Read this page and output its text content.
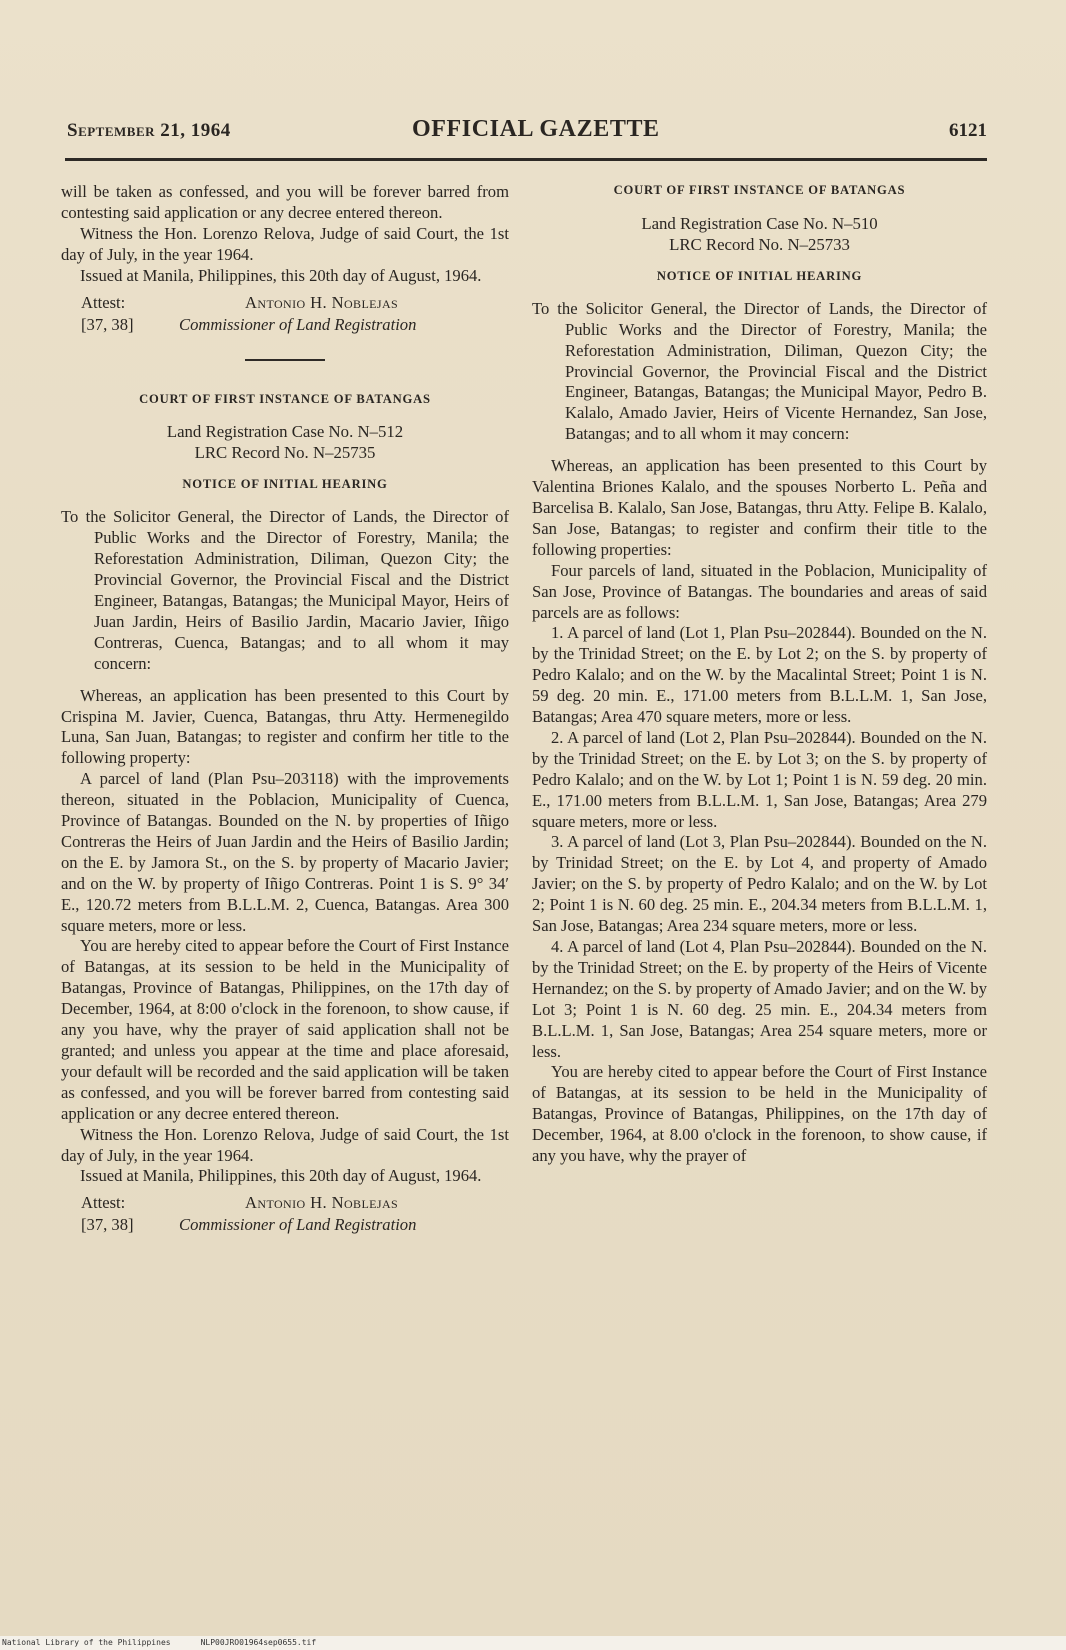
September 21, 1964	OFFICIAL GAZETTE	6121

will be taken as confessed, and you will be forever barred from contesting said application or any decree entered thereon.

Witness the Hon. Lorenzo Relova, Judge of said Court, the 1st day of July, in the year 1964.

Issued at Manila, Philippines, this 20th day of August, 1964.

Attest:	Antonio H. Noblejas
[37, 38]	Commissioner of Land Registration
COURT OF FIRST INSTANCE OF BATANGAS
Land Registration Case No. N–512
LRC Record No. N–25735
NOTICE OF INITIAL HEARING

To the Solicitor General, the Director of Lands, the Director of Public Works and the Director of Forestry, Manila; the Reforestation Administration, Diliman, Quezon City; the Provincial Governor, the Provincial Fiscal and the District Engineer, Batangas, Batangas; the Municipal Mayor, Heirs of Juan Jardin, Heirs of Basilio Jardin, Macario Javier, Iñigo Contreras, Cuenca, Batangas; and to all whom it may concern:

Whereas, an application has been presented to this Court by Crispina M. Javier, Cuenca, Batangas, thru Atty. Hermenegildo Luna, San Juan, Batangas; to register and confirm her title to the following property:

A parcel of land (Plan Psu–203118) with the improvements thereon, situated in the Poblacion, Municipality of Cuenca, Province of Batangas. Bounded on the N. by properties of Iñigo Contreras the Heirs of Juan Jardin and the Heirs of Basilio Jardin; on the E. by Jamora St., on the S. by property of Macario Javier; and on the W. by property of Iñigo Contreras. Point 1 is S. 9° 34′ E., 120.72 meters from B.L.L.M. 2, Cuenca, Batangas. Area 300 square meters, more or less.

You are hereby cited to appear before the Court of First Instance of Batangas, at its session to be held in the Municipality of Batangas, Province of Batangas, Philippines, on the 17th day of December, 1964, at 8:00 o'clock in the forenoon, to show cause, if any you have, why the prayer of said application shall not be granted; and unless you appear at the time and place aforesaid, your default will be recorded and the said application will be taken as confessed, and you will be forever barred from contesting said application or any decree entered thereon.

Witness the Hon. Lorenzo Relova, Judge of said Court, the 1st day of July, in the year 1964.

Issued at Manila, Philippines, this 20th day of August, 1964.

Attest:	Antonio H. Noblejas
[37, 38]	Commissioner of Land Registration
COURT OF FIRST INSTANCE OF BATANGAS
Land Registration Case No. N–510
LRC Record No. N–25733
NOTICE OF INITIAL HEARING

To the Solicitor General, the Director of Lands, the Director of Public Works and the Director of Forestry, Manila; the Reforestation Administration, Diliman, Quezon City; the Provincial Governor, the Provincial Fiscal and the District Engineer, Batangas, Batangas; the Municipal Mayor, Pedro B. Kalalo, Amado Javier, Heirs of Vicente Hernandez, San Jose, Batangas; and to all whom it may concern:

Whereas, an application has been presented to this Court by Valentina Briones Kalalo, and the spouses Norberto L. Peña and Barcelisa B. Kalalo, San Jose, Batangas, thru Atty. Felipe B. Kalalo, San Jose, Batangas; to register and confirm their title to the following properties:

Four parcels of land, situated in the Poblacion, Municipality of San Jose, Province of Batangas. The boundaries and areas of said parcels are as follows:

1. A parcel of land (Lot 1, Plan Psu–202844). Bounded on the N. by the Trinidad Street; on the E. by Lot 2; on the S. by property of Pedro Kalalo; and on the W. by the Macalintal Street; Point 1 is N. 59 deg. 20 min. E., 171.00 meters from B.L.L.M. 1, San Jose, Batangas; Area 470 square meters, more or less.

2. A parcel of land (Lot 2, Plan Psu–202844). Bounded on the N. by the Trinidad Street; on the E. by Lot 3; on the S. by property of Pedro Kalalo; and on the W. by Lot 1; Point 1 is N. 59 deg. 20 min. E., 171.00 meters from B.L.L.M. 1, San Jose, Batangas; Area 279 square meters, more or less.

3. A parcel of land (Lot 3, Plan Psu–202844). Bounded on the N. by Trinidad Street; on the E. by Lot 4, and property of Amado Javier; on the S. by property of Pedro Kalalo; and on the W. by Lot 2; Point 1 is N. 60 deg. 25 min. E., 204.34 meters from B.L.L.M. 1, San Jose, Batangas; Area 234 square meters, more or less.

4. A parcel of land (Lot 4, Plan Psu–202844). Bounded on the N. by the Trinidad Street; on the E. by property of the Heirs of Vicente Hernandez; on the S. by property of Amado Javier; and on the W. by Lot 3; Point 1 is N. 60 deg. 25 min. E., 204.34 meters from B.L.L.M. 1, San Jose, Batangas; Area 254 square meters, more or less.

You are hereby cited to appear before the Court of First Instance of Batangas, at its session to be held in the Municipality of Batangas, Province of Batangas, Philippines, on the 17th day of December, 1964, at 8.00 o'clock in the forenoon, to show cause, if any you have, why the prayer of

National Library of the Philippines	NLP00JRO01964sep0655.tif
